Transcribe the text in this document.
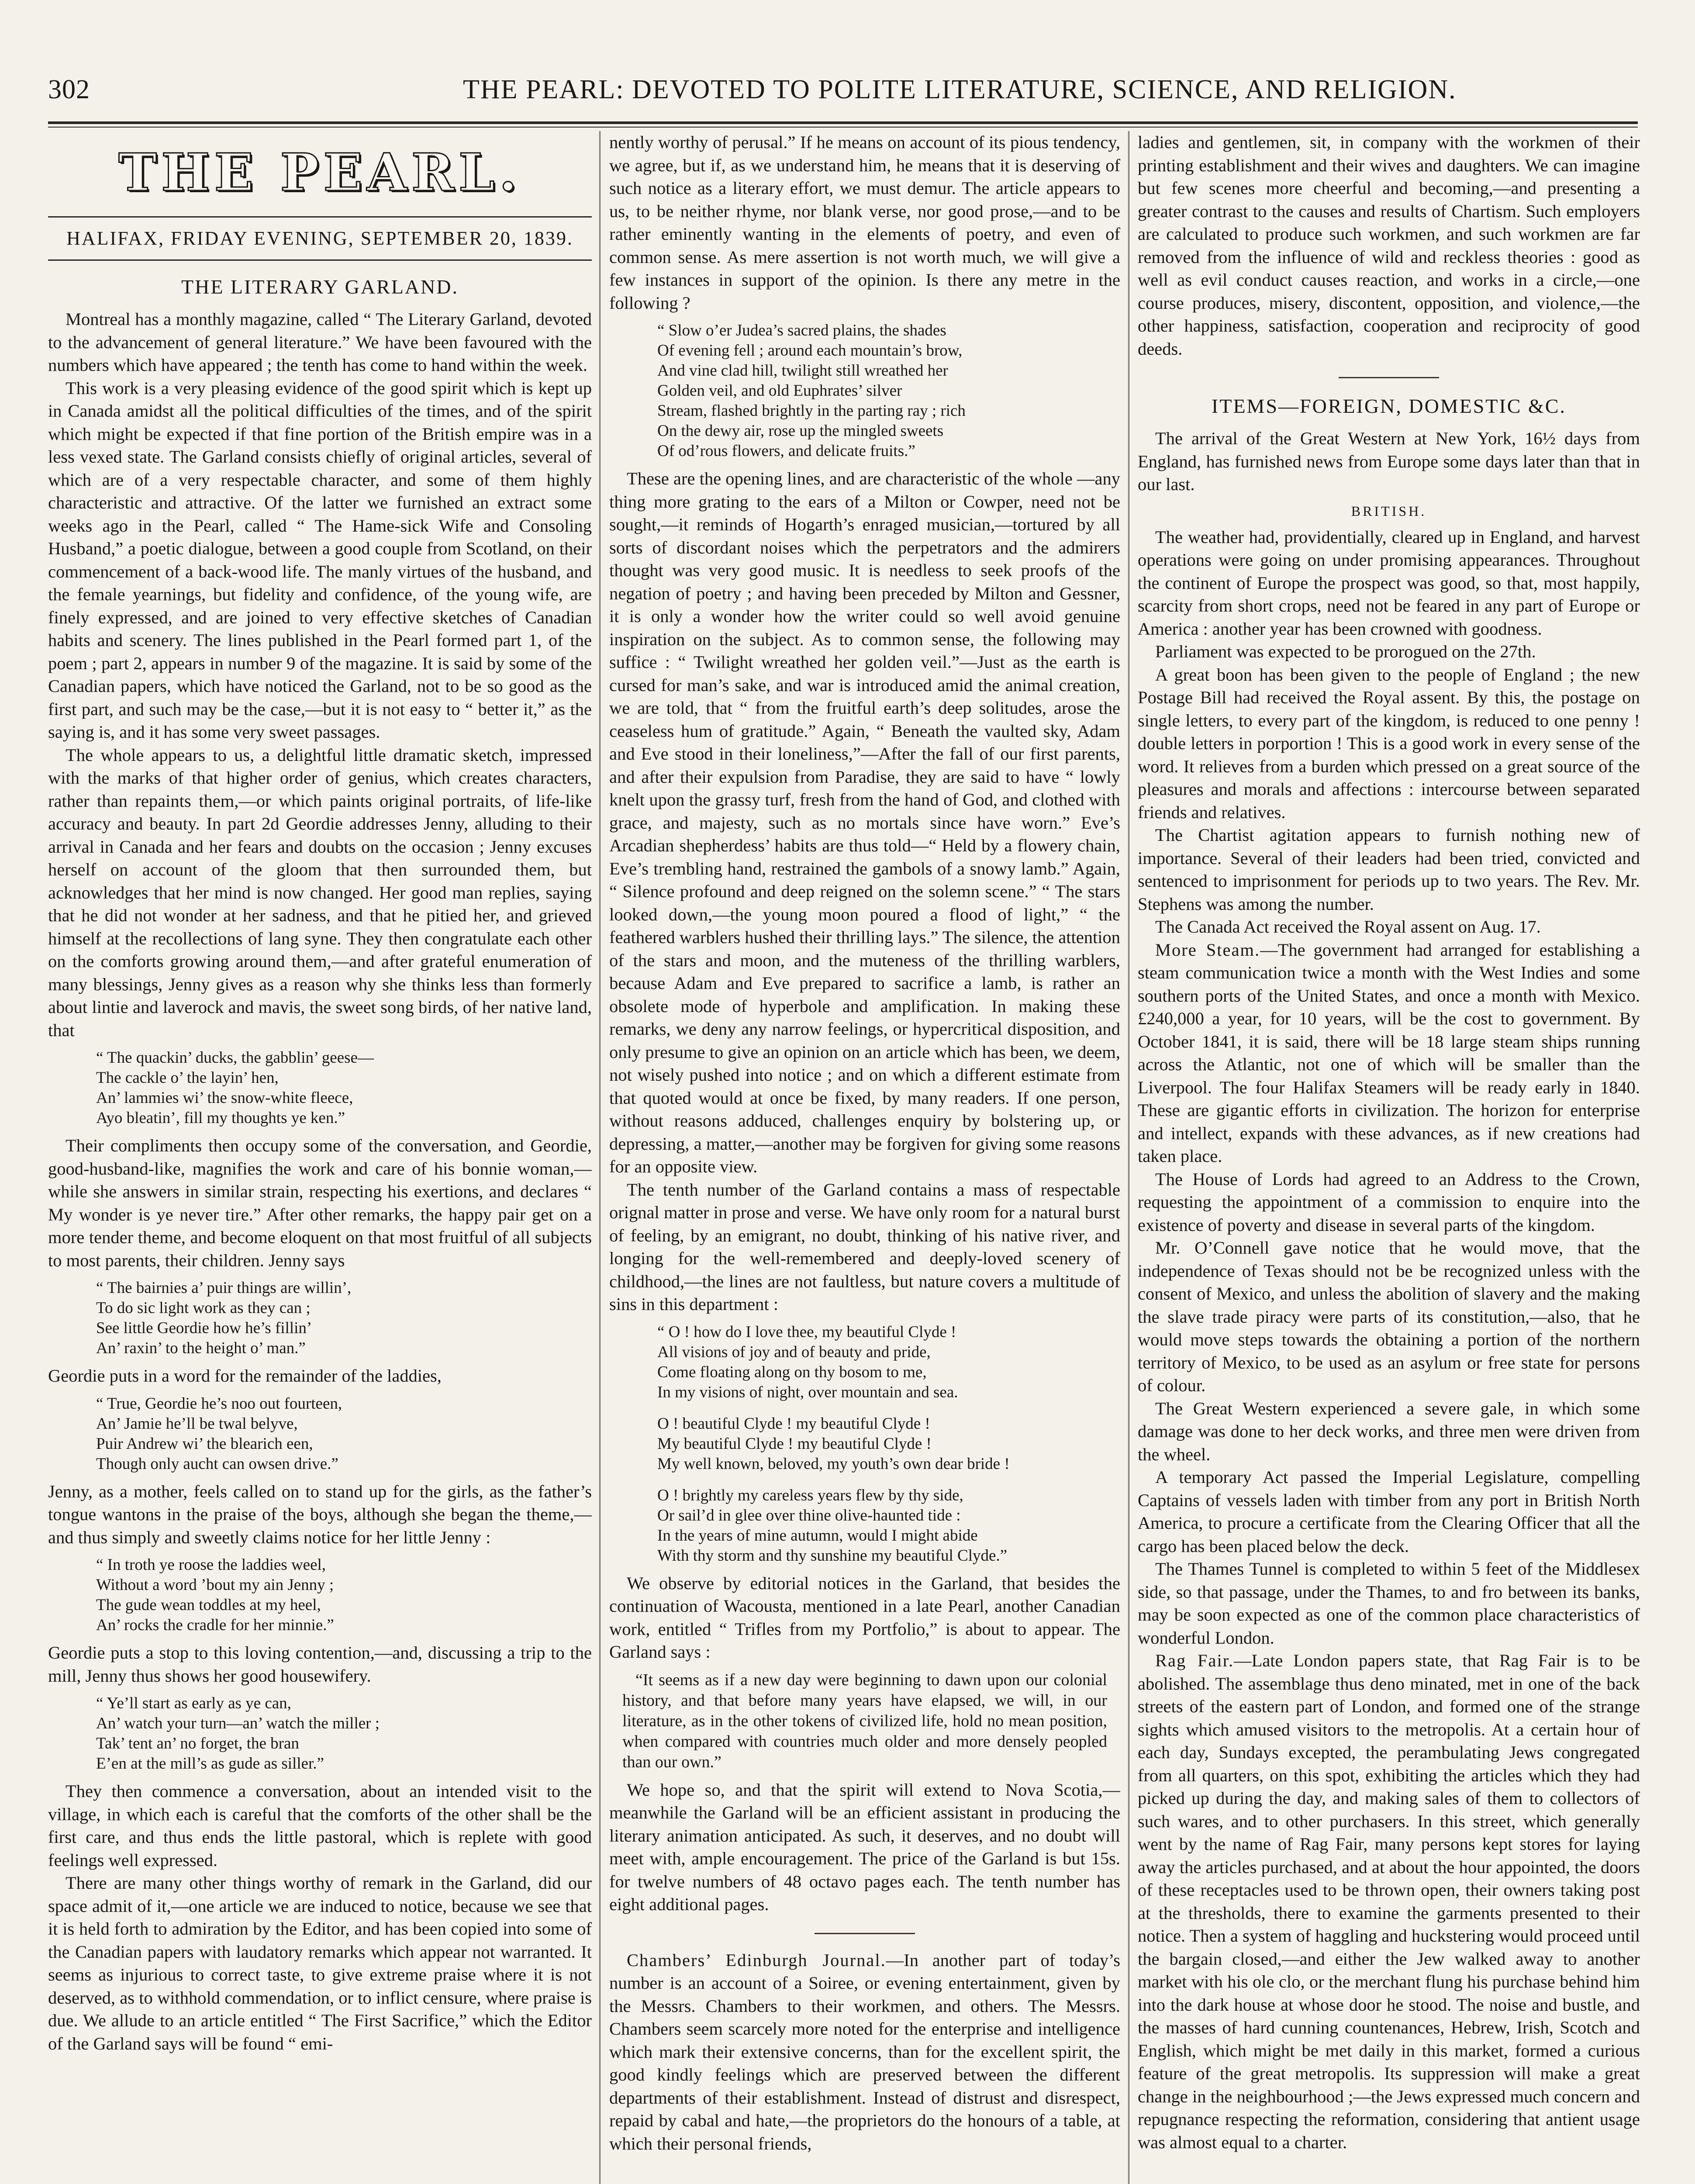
302	THE PEARL: DEVOTED TO POLITE LITERATURE, SCIENCE, AND RELIGION.
THE PEARL.
HALIFAX, FRIDAY EVENING, SEPTEMBER 20, 1839.
THE LITERARY GARLAND.

Montreal has a monthly magazine, called “ The Literary Garland, devoted to the advancement of general literature.” We have been favoured with the numbers which have appeared ; the tenth has come to hand within the week.

This work is a very pleasing evidence of the good spirit which is kept up in Canada amidst all the political difficulties of the times, and of the spirit which might be expected if that fine portion of the British empire was in a less vexed state. The Garland consists chiefly of original articles, several of which are of a very respectable character, and some of them highly characteristic and attractive. Of the latter we furnished an extract some weeks ago in the Pearl, called “ The Hame-sick Wife and Consoling Husband,” a poetic dialogue, between a good couple from Scotland, on their commencement of a back-wood life. The manly virtues of the husband, and the female yearnings, but fidelity and confidence, of the young wife, are finely expressed, and are joined to very effective sketches of Canadian habits and scenery. The lines published in the Pearl formed part 1, of the poem ; part 2, appears in number 9 of the magazine. It is said by some of the Canadian papers, which have noticed the Garland, not to be so good as the first part, and such may be the case,—but it is not easy to “ better it,” as the saying is, and it has some very sweet passages.

The whole appears to us, a delightful little dramatic sketch, impressed with the marks of that higher order of genius, which creates characters, rather than repaints them,—or which paints original portraits, of life-like accuracy and beauty. In part 2d Geordie addresses Jenny, alluding to their arrival in Canada and her fears and doubts on the occasion ; Jenny excuses herself on account of the gloom that then surrounded them, but acknowledges that her mind is now changed. Her good man replies, saying that he did not wonder at her sadness, and that he pitied her, and grieved himself at the recollections of lang syne. They then congratulate each other on the comforts growing around them,—and after grateful enumeration of many blessings, Jenny gives as a reason why she thinks less than formerly about lintie and laverock and mavis, the sweet song birds, of her native land, that

“ The quackin’ ducks, the gabblin’ geese—
The cackle o’ the layin’ hen,
An’ lammies wi’ the snow-white fleece,
Ayo bleatin’, fill my thoughts ye ken.”

Their compliments then occupy some of the conversation, and Geordie, good-husband-like, magnifies the work and care of his bonnie woman,—while she answers in similar strain, respecting his exertions, and declares “ My wonder is ye never tire.” After other remarks, the happy pair get on a more tender theme, and become eloquent on that most fruitful of all subjects to most parents, their children. Jenny says

“ The bairnies a’ puir things are willin’,
To do sic light work as they can ;
See little Geordie how he’s fillin’
An’ raxin’ to the height o’ man.”

Geordie puts in a word for the remainder of the laddies,

“ True, Geordie he’s noo out fourteen,
An’ Jamie he’ll be twal belyve,
Puir Andrew wi’ the blearich een,
Though only aucht can owsen drive.”

Jenny, as a mother, feels called on to stand up for the girls, as the father’s tongue wantons in the praise of the boys, although she began the theme,—and thus simply and sweetly claims notice for her little Jenny :

“ In troth ye roose the laddies weel,
Without a word ’bout my ain Jenny ;
The gude wean toddles at my heel,
An’ rocks the cradle for her minnie.”

Geordie puts a stop to this loving contention,—and, discussing a trip to the mill, Jenny thus shows her good housewifery.

“ Ye’ll start as early as ye can,
An’ watch your turn—an’ watch the miller ;
Tak’ tent an’ no forget, the bran
E’en at the mill’s as gude as siller.”

They then commence a conversation, about an intended visit to the village, in which each is careful that the comforts of the other shall be the first care, and thus ends the little pastoral, which is replete with good feelings well expressed.

There are many other things worthy of remark in the Garland, did our space admit of it,—one article we are induced to notice, because we see that it is held forth to admiration by the Editor, and has been copied into some of the Canadian papers with laudatory remarks which appear not warranted. It seems as injurious to correct taste, to give extreme praise where it is not deserved, as to withhold commendation, or to inflict censure, where praise is due. We allude to an article entitled “ The First Sacrifice,” which the Editor of the Garland says will be found “ emi-

nently worthy of perusal.” If he means on account of its pious tendency, we agree, but if, as we understand him, he means that it is deserving of such notice as a literary effort, we must demur. The article appears to us, to be neither rhyme, nor blank verse, nor good prose,—and to be rather eminently wanting in the elements of poetry, and even of common sense. As mere assertion is not worth much, we will give a few instances in support of the opinion. Is there any metre in the following ?

“ Slow o’er Judea’s sacred plains, the shades
Of evening fell ; around each mountain’s brow,
And vine clad hill, twilight still wreathed her
Golden veil, and old Euphrates’ silver
Stream, flashed brightly in the parting ray ; rich
On the dewy air, rose up the mingled sweets
Of od’rous flowers, and delicate fruits.”

These are the opening lines, and are characteristic of the whole —any thing more grating to the ears of a Milton or Cowper, need not be sought,—it reminds of Hogarth’s enraged musician,—tortured by all sorts of discordant noises which the perpetrators and the admirers thought was very good music. It is needless to seek proofs of the negation of poetry ; and having been preceded by Milton and Gessner, it is only a wonder how the writer could so well avoid genuine inspiration on the subject. As to common sense, the following may suffice : “ Twilight wreathed her golden veil.”—Just as the earth is cursed for man’s sake, and war is introduced amid the animal creation, we are told, that “ from the fruitful earth’s deep solitudes, arose the ceaseless hum of gratitude.” Again, “ Beneath the vaulted sky, Adam and Eve stood in their loneliness,”—After the fall of our first parents, and after their expulsion from Paradise, they are said to have “ lowly knelt upon the grassy turf, fresh from the hand of God, and clothed with grace, and majesty, such as no mortals since have worn.” Eve’s Arcadian shepherdess’ habits are thus told—“ Held by a flowery chain, Eve’s trembling hand, restrained the gambols of a snowy lamb.” Again, “ Silence profound and deep reigned on the solemn scene.” “ The stars looked down,—the young moon poured a flood of light,” “ the feathered warblers hushed their thrilling lays.” The silence, the attention of the stars and moon, and the muteness of the thrilling warblers, because Adam and Eve prepared to sacrifice a lamb, is rather an obsolete mode of hyperbole and amplification. In making these remarks, we deny any narrow feelings, or hypercritical disposition, and only presume to give an opinion on an article which has been, we deem, not wisely pushed into notice ; and on which a different estimate from that quoted would at once be fixed, by many readers. If one person, without reasons adduced, challenges enquiry by bolstering up, or depressing, a matter,—another may be forgiven for giving some reasons for an opposite view.

The tenth number of the Garland contains a mass of respectable orignal matter in prose and verse. We have only room for a natural burst of feeling, by an emigrant, no doubt, thinking of his native river, and longing for the well-remembered and deeply-loved scenery of childhood,—the lines are not faultless, but nature covers a multitude of sins in this department :

“ O ! how do I love thee, my beautiful Clyde !
All visions of joy and of beauty and pride,
Come floating along on thy bosom to me,
In my visions of night, over mountain and sea.
O ! beautiful Clyde ! my beautiful Clyde !
My beautiful Clyde ! my beautiful Clyde !
My well known, beloved, my youth’s own dear bride !
O ! brightly my careless years flew by thy side,
Or sail’d in glee over thine olive-haunted tide :
In the years of mine autumn, would I might abide
With thy storm and thy sunshine my beautiful Clyde.”

We observe by editorial notices in the Garland, that besides the continuation of Wacousta, mentioned in a late Pearl, another Canadian work, entitled “ Trifles from my Portfolio,” is about to appear. The Garland says :

“It seems as if a new day were beginning to dawn upon our colonial history, and that before many years have elapsed, we will, in our literature, as in the other tokens of civilized life, hold no mean position, when compared with countries much older and more densely peopled than our own.”

We hope so, and that the spirit will extend to Nova Scotia,—meanwhile the Garland will be an efficient assistant in producing the literary animation anticipated. As such, it deserves, and no doubt will meet with, ample encouragement. The price of the Garland is but 15s. for twelve numbers of 48 octavo pages each. The tenth number has eight additional pages.

Chambers’ Edinburgh Journal.—In another part of today’s number is an account of a Soiree, or evening entertainment, given by the Messrs. Chambers to their workmen, and others. The Messrs. Chambers seem scarcely more noted for the enterprise and intelligence which mark their extensive concerns, than for the excellent spirit, the good kindly feelings which are preserved between the different departments of their establishment. Instead of distrust and disrespect, repaid by cabal and hate,—the proprietors do the honours of a table, at which their personal friends,

ladies and gentlemen, sit, in company with the workmen of their printing establishment and their wives and daughters. We can imagine but few scenes more cheerful and becoming,—and presenting a greater contrast to the causes and results of Chartism. Such employers are calculated to produce such workmen, and such workmen are far removed from the influence of wild and reckless theories : good as well as evil conduct causes reaction, and works in a circle,—one course produces, misery, discontent, opposition, and violence,—the other happiness, satisfaction, cooperation and reciprocity of good deeds.

ITEMS—FOREIGN, DOMESTIC &C.

The arrival of the Great Western at New York, 16½ days from England, has furnished news from Europe some days later than that in our last.

BRITISH.

The weather had, providentially, cleared up in England, and harvest operations were going on under promising appearances. Throughout the continent of Europe the prospect was good, so that, most happily, scarcity from short crops, need not be feared in any part of Europe or America : another year has been crowned with goodness.

Parliament was expected to be prorogued on the 27th.

A great boon has been given to the people of England ; the new Postage Bill had received the Royal assent. By this, the postage on single letters, to every part of the kingdom, is reduced to one penny ! double letters in porportion ! This is a good work in every sense of the word. It relieves from a burden which pressed on a great source of the pleasures and morals and affections : intercourse between separated friends and relatives.

The Chartist agitation appears to furnish nothing new of importance. Several of their leaders had been tried, convicted and sentenced to imprisonment for periods up to two years. The Rev. Mr. Stephens was among the number.

The Canada Act received the Royal assent on Aug. 17.

More Steam.—The government had arranged for establishing a steam communication twice a month with the West Indies and some southern ports of the United States, and once a month with Mexico. £240,000 a year, for 10 years, will be the cost to government. By October 1841, it is said, there will be 18 large steam ships running across the Atlantic, not one of which will be smaller than the Liverpool. The four Halifax Steamers will be ready early in 1840. These are gigantic efforts in civilization. The horizon for enterprise and intellect, expands with these advances, as if new creations had taken place.

The House of Lords had agreed to an Address to the Crown, requesting the appointment of a commission to enquire into the existence of poverty and disease in several parts of the kingdom.

Mr. O’Connell gave notice that he would move, that the independence of Texas should not be be recognized unless with the consent of Mexico, and unless the abolition of slavery and the making the slave trade piracy were parts of its constitution,—also, that he would move steps towards the obtaining a portion of the northern territory of Mexico, to be used as an asylum or free state for persons of colour.

The Great Western experienced a severe gale, in which some damage was done to her deck works, and three men were driven from the wheel.

A temporary Act passed the Imperial Legislature, compelling Captains of vessels laden with timber from any port in British North America, to procure a certificate from the Clearing Officer that all the cargo has been placed below the deck.

The Thames Tunnel is completed to within 5 feet of the Middlesex side, so that passage, under the Thames, to and fro between its banks, may be soon expected as one of the common place characteristics of wonderful London.

Rag Fair.—Late London papers state, that Rag Fair is to be abolished. The assemblage thus deno minated, met in one of the back streets of the eastern part of London, and formed one of the strange sights which amused visitors to the metropolis. At a certain hour of each day, Sundays excepted, the perambulating Jews congregated from all quarters, on this spot, exhibiting the articles which they had picked up during the day, and making sales of them to collectors of such wares, and to other purchasers. In this street, which generally went by the name of Rag Fair, many persons kept stores for laying away the articles purchased, and at about the hour appointed, the doors of these receptacles used to be thrown open, their owners taking post at the thresholds, there to examine the garments presented to their notice. Then a system of haggling and huckstering would proceed until the bargain closed,—and either the Jew walked away to another market with his ole clo, or the merchant flung his purchase behind him into the dark house at whose door he stood. The noise and bustle, and the masses of hard cunning countenances, Hebrew, Irish, Scotch and English, which might be met daily in this market, formed a curious feature of the great metropolis. Its suppression will make a great change in the neighbourhood ;—the Jews expressed much concern and repugnance respecting the reformation, considering that antient usage was almost equal to a charter.
